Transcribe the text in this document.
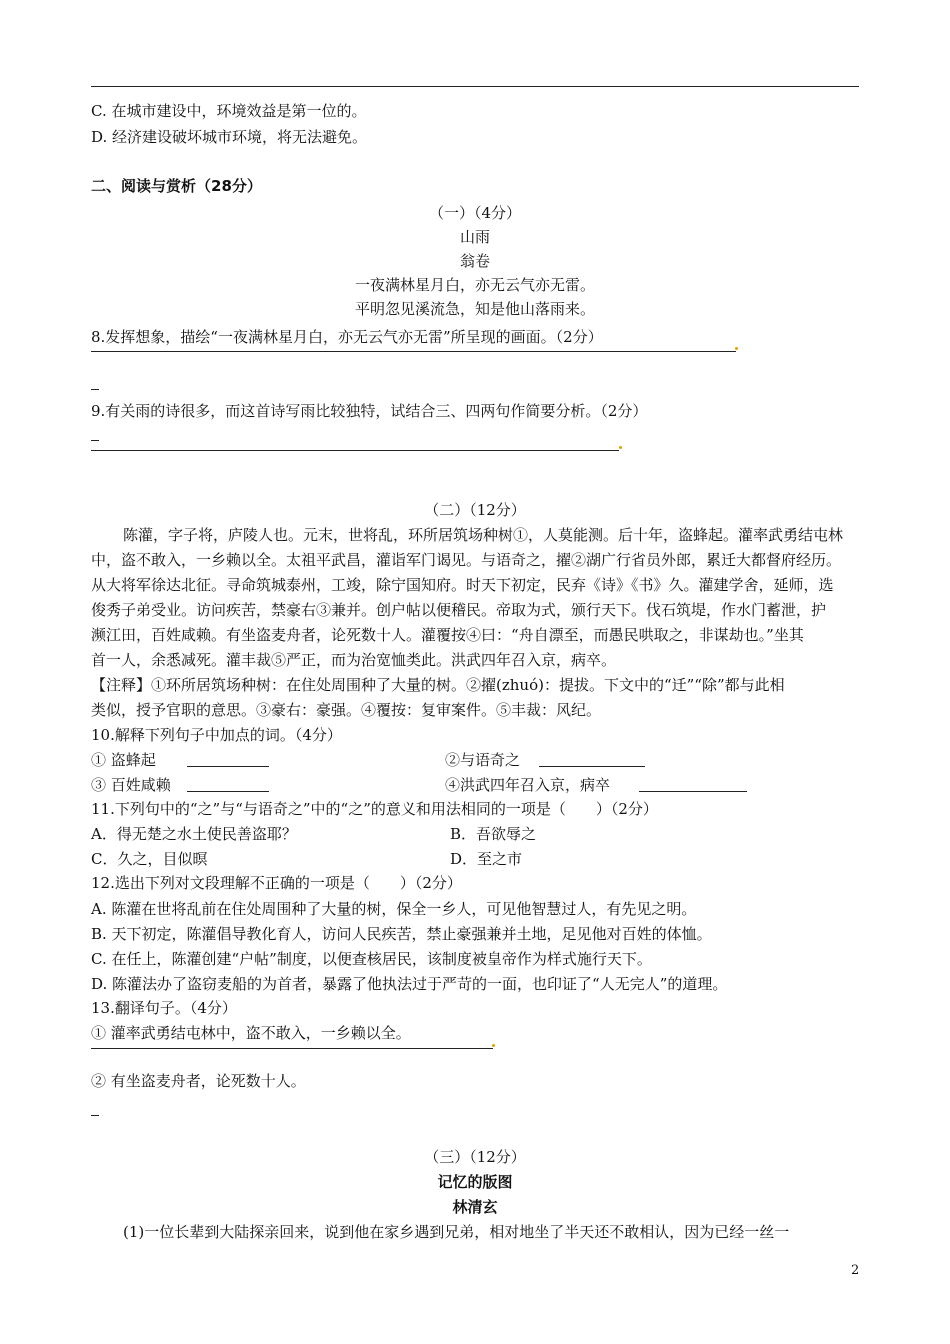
C. 在城市建设中，环境效益是第一位的。
D. 经济建设破坏城市环境，将无法避免。
二、阅读与赏析（28分）
（一）（4分）
山雨
翁卷
一夜满林星月白，亦无云气亦无雷。
平明忽见溪流急，知是他山落雨来。
8.发挥想象，描绘“一夜满林星月白，亦无云气亦无雷”所呈现的画面。（2分）
9.有关雨的诗很多，而这首诗写雨比较独特，试结合三、四两句作简要分析。（2分）
（二）（12分）
陈灌，字子将，庐陵人也。元末，世将乱，环所居筑场种树①，人莫能测。后十年，盗蜂起。灌率武勇结屯林
中，盗不敢入，一乡赖以全。太祖平武昌，灌诣军门谒见。与语奇之，擢②湖广行省员外郎，累迁大都督府经历。
从大将军徐达北征。寻命筑城泰州，工竣，除宁国知府。时天下初定，民弃《诗》《书》久。灌建学舍，延师，选
俊秀子弟受业。访问疾苦，禁豪右③兼并。创户帖以便稽民。帝取为式，颁行天下。伐石筑堤，作水门蓄泄，护
濒江田，百姓咸赖。有坐盗麦舟者，论死数十人。灌覆按④曰：“舟自漂至，而愚民哄取之，非谋劫也。”坐其
首一人，余悉减死。灌丰裁⑤严正，而为治宽恤类此。洪武四年召入京，病卒。
【注释】①环所居筑场种树：在住处周围种了大量的树。②擢(zhuó)：提拔。下文中的“迁”“除”都与此相
类似，授予官职的意思。③豪右：豪强。④覆按：复审案件。⑤丰裁：风纪。
10.解释下列句子中加点的词。（4分）
① 盗蜂起	②与语奇之
③ 百姓咸赖	④洪武四年召入京，病卒
11.下列句中的“之”与“与语奇之”中的“之”的意义和用法相同的一项是（　　）（2分）
A．得无楚之水土使民善盗耶？	B．吾欲辱之
C．久之，目似暝	D．至之市
12.选出下列对文段理解不正确的一项是（　　）（2分）
A. 陈灌在世将乱前在住处周围种了大量的树，保全一乡人，可见他智慧过人，有先见之明。
B. 天下初定，陈灌倡导教化育人，访问人民疾苦，禁止豪强兼并土地，足见他对百姓的体恤。
C. 在任上，陈灌创建“户帖”制度，以便查核居民，该制度被皇帝作为样式施行天下。
D. 陈灌法办了盗窃麦船的为首者，暴露了他执法过于严苛的一面，也印证了“人无完人”的道理。
13.翻译句子。（4分）
① 灌率武勇结屯林中，盗不敢入，一乡赖以全。
② 有坐盗麦舟者，论死数十人。
（三）（12分）
记忆的版图
林清玄
(1)一位长辈到大陆探亲回来，说到他在家乡遇到兄弟，相对地坐了半天还不敢相认，因为已经一丝一
2
